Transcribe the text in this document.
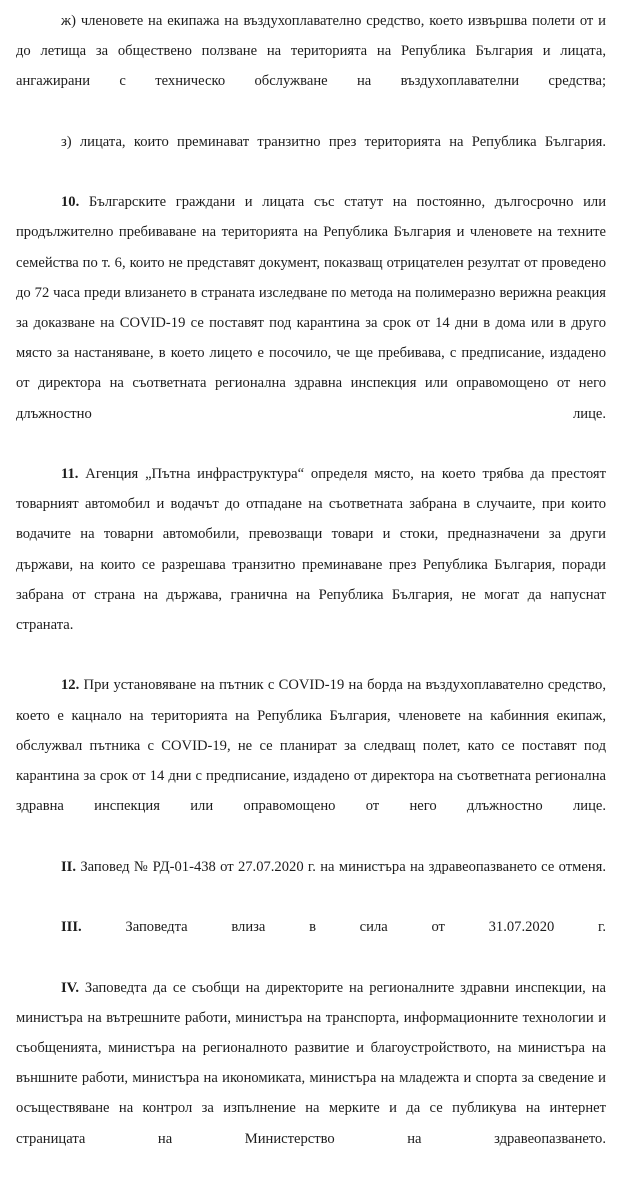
ж) членовете на екипажа на въздухоплавателно средство, което извършва полети от и до летища за обществено ползване на територията на Република България и лицата, ангажирани с техническо обслужване на въздухоплавателни средства;

з) лицата, които преминават транзитно през територията на Република България.

10. Българските граждани и лицата със статут на постоянно, дългосрочно или продължително пребиваване на територията на Република България и членовете на техните семейства по т. 6, които не представят документ, показващ отрицателен резултат от проведено до 72 часа преди влизането в страната изследване по метода на полимеразно верижна реакция за доказване на COVID-19 се поставят под карантина за срок от 14 дни в дома или в друго място за настаняване, в което лицето е посочило, че ще пребивава, с предписание, издадено от директора на съответната регионална здравна инспекция или оправомощено от него длъжностно лице.

11. Агенция „Пътна инфраструктура“ определя място, на което трябва да престоят товарният автомобил и водачът до отпадане на съответната забрана в случаите, при които водачите на товарни автомобили, превозващи товари и стоки, предназначени за други държави, на които се разрешава транзитно преминаване през Република България, поради забрана от страна на държава, гранична на Република България, не могат да напуснат страната.

12. При установяване на пътник с COVID-19 на борда на въздухоплавателно средство, което е кацнало на територията на Република България, членовете на кабинния екипаж, обслужвал пътника с COVID-19, не се планират за следващ полет, като се поставят под карантина за срок от 14 дни с предписание, издадено от директора на съответната регионална здравна инспекция или оправомощено от него длъжностно лице.

II. Заповед № РД-01-438 от 27.07.2020 г. на министъра на здравеопазването се отменя.

III. Заповедта влиза в сила от 31.07.2020 г.

IV. Заповедта да се съобщи на директорите на регионалните здравни инспекции, на министъра на вътрешните работи, министъра на транспорта, информационните технологии и съобщенията, министъра на регионалното развитие и благоустройството, на министъра на външните работи, министъра на икономиката, министъра на младежта и спорта за сведение и осъществяване на контрол за изпълнение на мерките и да се публикува на интернет страницата на Министерство на здравеопазването.
